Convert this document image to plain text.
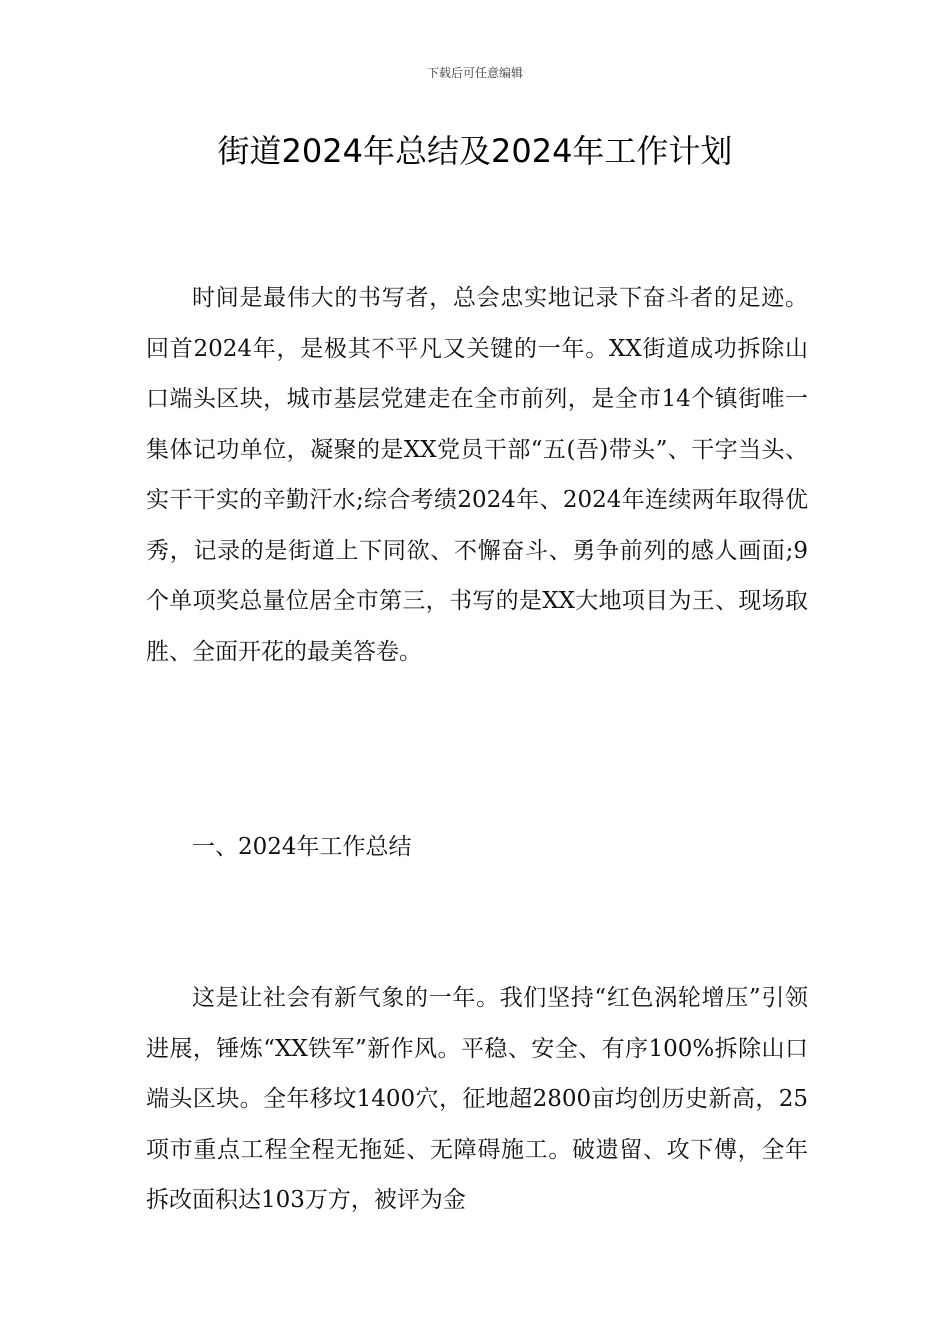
下载后可任意编辑
街道2024年总结及2024年工作计划

时间是最伟大的书写者，总会忠实地记录下奋斗者的足迹。回首2024年，是极其不平凡又关键的一年。XX街道成功拆除山口端头区块，城市基层党建走在全市前列，是全市14个镇街唯一集体记功单位，凝聚的是XX党员干部“五(吾)带头”、干字当头、实干干实的辛勤汗水;综合考绩2024年、2024年连续两年取得优秀，记录的是街道上下同欲、不懈奋斗、勇争前列的感人画面;9个单项奖总量位居全市第三，书写的是XX大地项目为王、现场取胜、全面开花的最美答卷。

一、2024年工作总结

这是让社会有新气象的一年。我们坚持“红色涡轮增压”引领进展，锤炼“XX铁军”新作风。平稳、安全、有序100%拆除山口端头区块。全年移坟1400穴，征地超2800亩均创历史新高，25项市重点工程全程无拖延、无障碍施工。破遗留、攻下傅，全年拆改面积达103万方，被评为金
